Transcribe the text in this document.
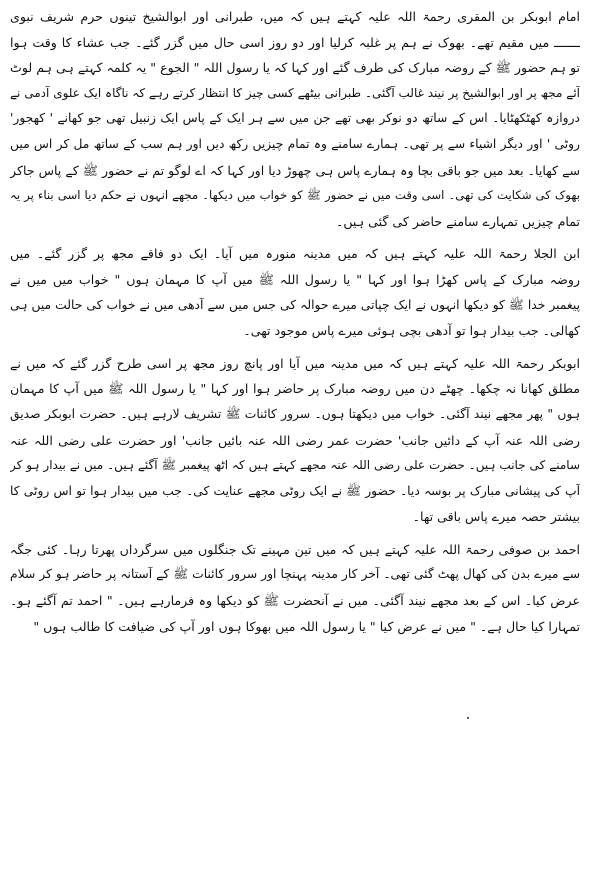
امام ابوبکر بن المقری رحمۃ اللہ علیہ کہتے ہیں کہ میں، طبرانی اور ابوالشیخ تینوں حرم شریف نبوی
ـــــــ میں مقیم تھے۔ بھوک نے ہم پر غلبہ کرلیا اور دو روز اسی حال میں گزر گئے۔ جب عشاء کا وقت ہوا
تو ہم حضور ﷺ کے روضہ مبارک کی طرف گئے اور کہا کہ یا رسول اللہ " الجوع " یہ کلمہ کہتے ہی ہم لوٹ
آئے مجھ پر اور ابوالشیخ پر نیند غالب آگئی۔ طبرانی بیٹھے کسی چیز کا انتظار کرتے رہے کہ ناگاہ ایک علوی آدمی نے
دروازہ کھٹکھٹایا۔ اس کے ساتھ دو نوکر بھی تھے جن میں سے ہر ایک کے پاس ایک زنبیل تھی جو کھانے ' کھجور'
روٹی ' اور دیگر اشیاء سے پر تھی۔ ہمارے سامنے وہ تمام چیزیں رکھ دیں اور ہم سب کے ساتھ مل کر اس میں
سے کھایا۔ بعد میں جو باقی بچا وہ ہمارے پاس ہی چھوڑ دیا اور کہا کہ اے لوگو تم نے حضور ﷺ کے پاس جاکر
بھوک کی شکایت کی تھی۔ اسی وقت میں نے حضور ﷺ کو خواب میں دیکھا۔ مجھے انہوں نے حکم دیا اسی بناء پر یہ
تمام چیزیں تمہارے سامنے حاضر کی گئی ہیں۔
ابن الجلا رحمۃ اللہ علیہ کہتے ہیں کہ میں مدینہ منورہ میں آیا۔ ایک دو فاقے مجھ پر گزر گئے۔ میں
روضہ مبارک کے پاس کھڑا ہوا اور کہا " یا رسول اللہ ﷺ میں آپ کا مہمان ہوں " خواب میں میں نے
پیغمبر خدا ﷺ کو دیکھا انہوں نے ایک چپاتی میرے حوالہ کی جس میں سے آدھی میں نے خواب کی حالت میں ہی
کھالی۔ جب بیدار ہوا تو آدھی بچی ہوئی میرے پاس موجود تھی۔
ابوبکر رحمۃ اللہ علیہ کہتے ہیں کہ میں مدینہ میں آیا اور پانچ روز مجھ پر اسی طرح گزر گئے کہ میں نے
مطلق کھانا نہ چکھا۔ چھٹے دن میں روضہ مبارک پر حاضر ہوا اور کہا " یا رسول اللہ ﷺ میں آپ کا مہمان
ہوں " پھر مجھے نیند آگئی۔ خواب میں دیکھتا ہوں۔ سرور کائنات ﷺ تشریف لارہے ہیں۔ حضرت ابوبکر صدیق
رضی اللہ عنہ آپ کے دائیں جانب' حضرت عمر رضی اللہ عنہ بائیں جانب' اور حضرت علی رضی اللہ عنہ
سامنے کی جانب ہیں۔ حضرت علی رضی اللہ عنہ مجھے کہتے ہیں کہ اٹھ پیغمبر ﷺ آگئے ہیں۔ میں نے بیدار ہو کر
آپ کی پیشانی مبارک پر بوسہ دیا۔ حضور ﷺ نے ایک روٹی مجھے عنایت کی۔ جب میں بیدار ہوا تو اس روٹی کا
بیشتر حصہ میرے پاس باقی تھا۔
احمد بن صوفی رحمۃ اللہ علیہ کہتے ہیں کہ میں تین مہینے تک جنگلوں میں سرگرداں پھرتا رہا۔ کئی جگہ
سے میرے بدن کی کھال پھٹ گئی تھی۔ آخر کار مدینہ پہنچا اور سرور کائنات ﷺ کے آستانہ پر حاضر ہو کر سلام
عرض کیا۔ اس کے بعد مجھے نیند آگئی۔ میں نے آنحضرت ﷺ کو دیکھا وہ فرمارہے ہیں۔ " احمد تم آگئے ہو۔
تمہارا کیا حال ہے۔ " میں نے عرض کیا " یا رسول اللہ میں بھوکا ہوں اور آپ کی ضیافت کا طالب ہوں "
